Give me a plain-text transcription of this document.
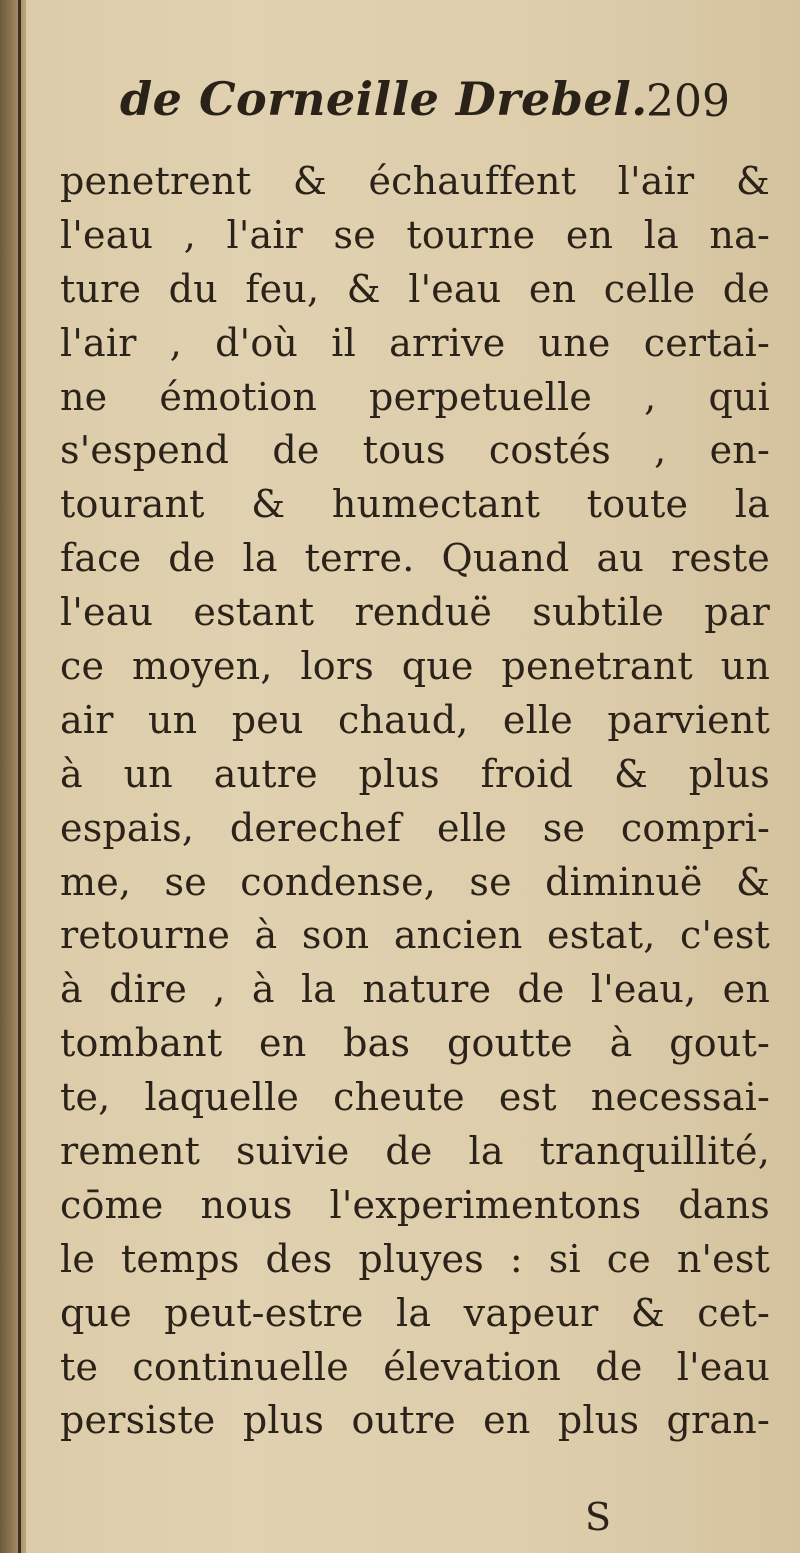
de Corneille Drebel.
209
penetrent & échauffent l'air &
l'eau , l'air se tourne en la na-
ture du feu, & l'eau en celle de
l'air , d'où il arrive une certai-
ne émotion perpetuelle , qui
s'espend de tous costés , en-
tourant & humectant toute la
face de la terre. Quand au reste
l'eau estant renduë subtile par
ce moyen, lors que penetrant un
air un peu chaud, elle parvient
à un autre plus froid & plus
espais, derechef elle se compri-
me, se condense, se diminuë &
retourne à son ancien estat, c'est
à dire , à la nature de l'eau, en
tombant en bas goutte à gout-
te, laquelle cheute est necessai-
rement suivie de la tranquillité,
cōme nous l'experimentons dans
le temps des pluyes : si ce n'est
que peut-estre la vapeur & cet-
te continuelle élevation de l'eau
persiste plus outre en plus gran-
S
